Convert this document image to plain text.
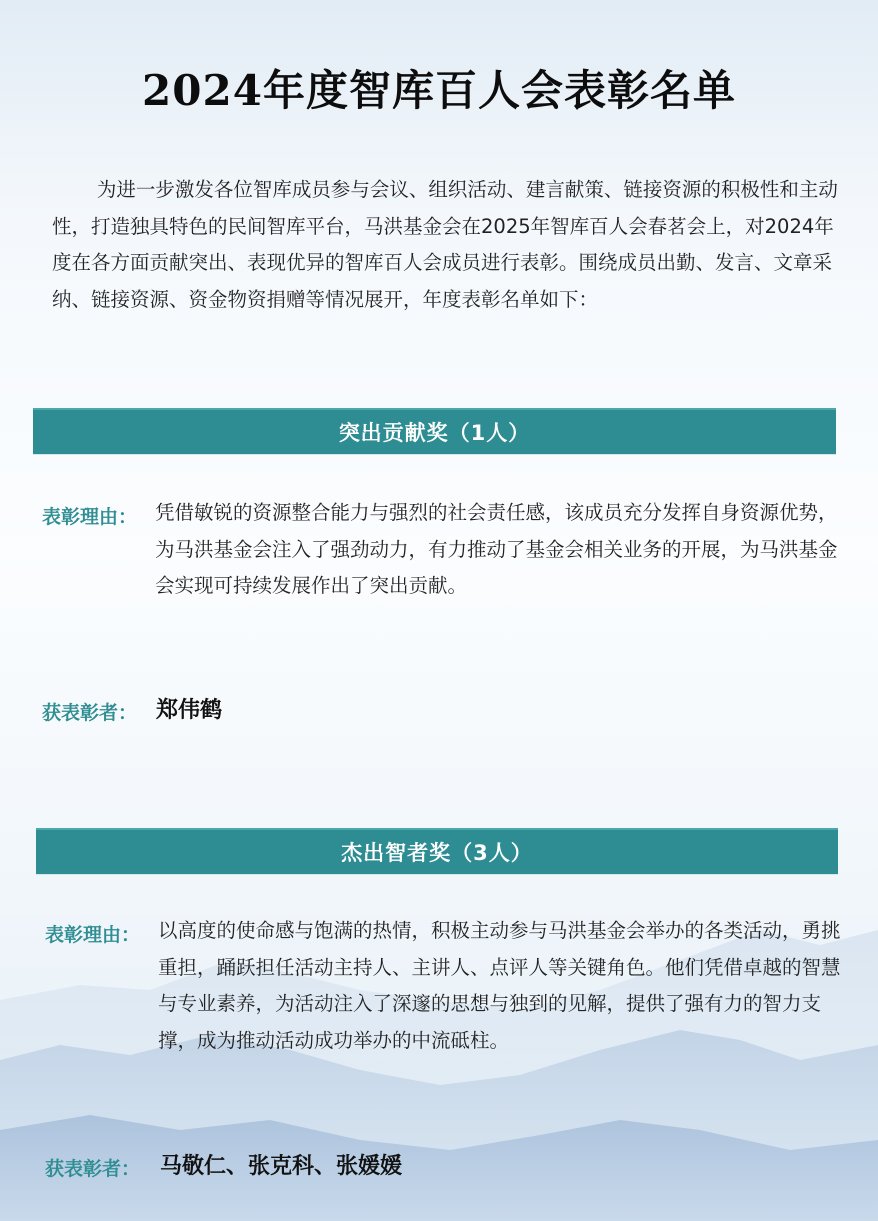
2024年度智库百人会表彰名单

为进一步激发各位智库成员参与会议、组织活动、建言献策、链接资源的积极性和主动性，打造独具特色的民间智库平台，马洪基金会在2025年智库百人会春茗会上，对2024年度在各方面贡献突出、表现优异的智库百人会成员进行表彰。围绕成员出勤、发言、文章采纳、链接资源、资金物资捐赠等情况展开，年度表彰名单如下：

突出贡献奖（1人）
表彰理由： 凭借敏锐的资源整合能力与强烈的社会责任感，该成员充分发挥自身资源优势，为马洪基金会注入了强劲动力，有力推动了基金会相关业务的开展，为马洪基金会实现可持续发展作出了突出贡献。

获表彰者： 郑伟鹤
杰出智者奖（3人）
表彰理由： 以高度的使命感与饱满的热情，积极主动参与马洪基金会举办的各类活动，勇挑重担，踊跃担任活动主持人、主讲人、点评人等关键角色。他们凭借卓越的智慧与专业素养，为活动注入了深邃的思想与独到的见解，提供了强有力的智力支撑，成为推动活动成功举办的中流砥柱。

获表彰者： 马敬仁、张克科、张媛媛
